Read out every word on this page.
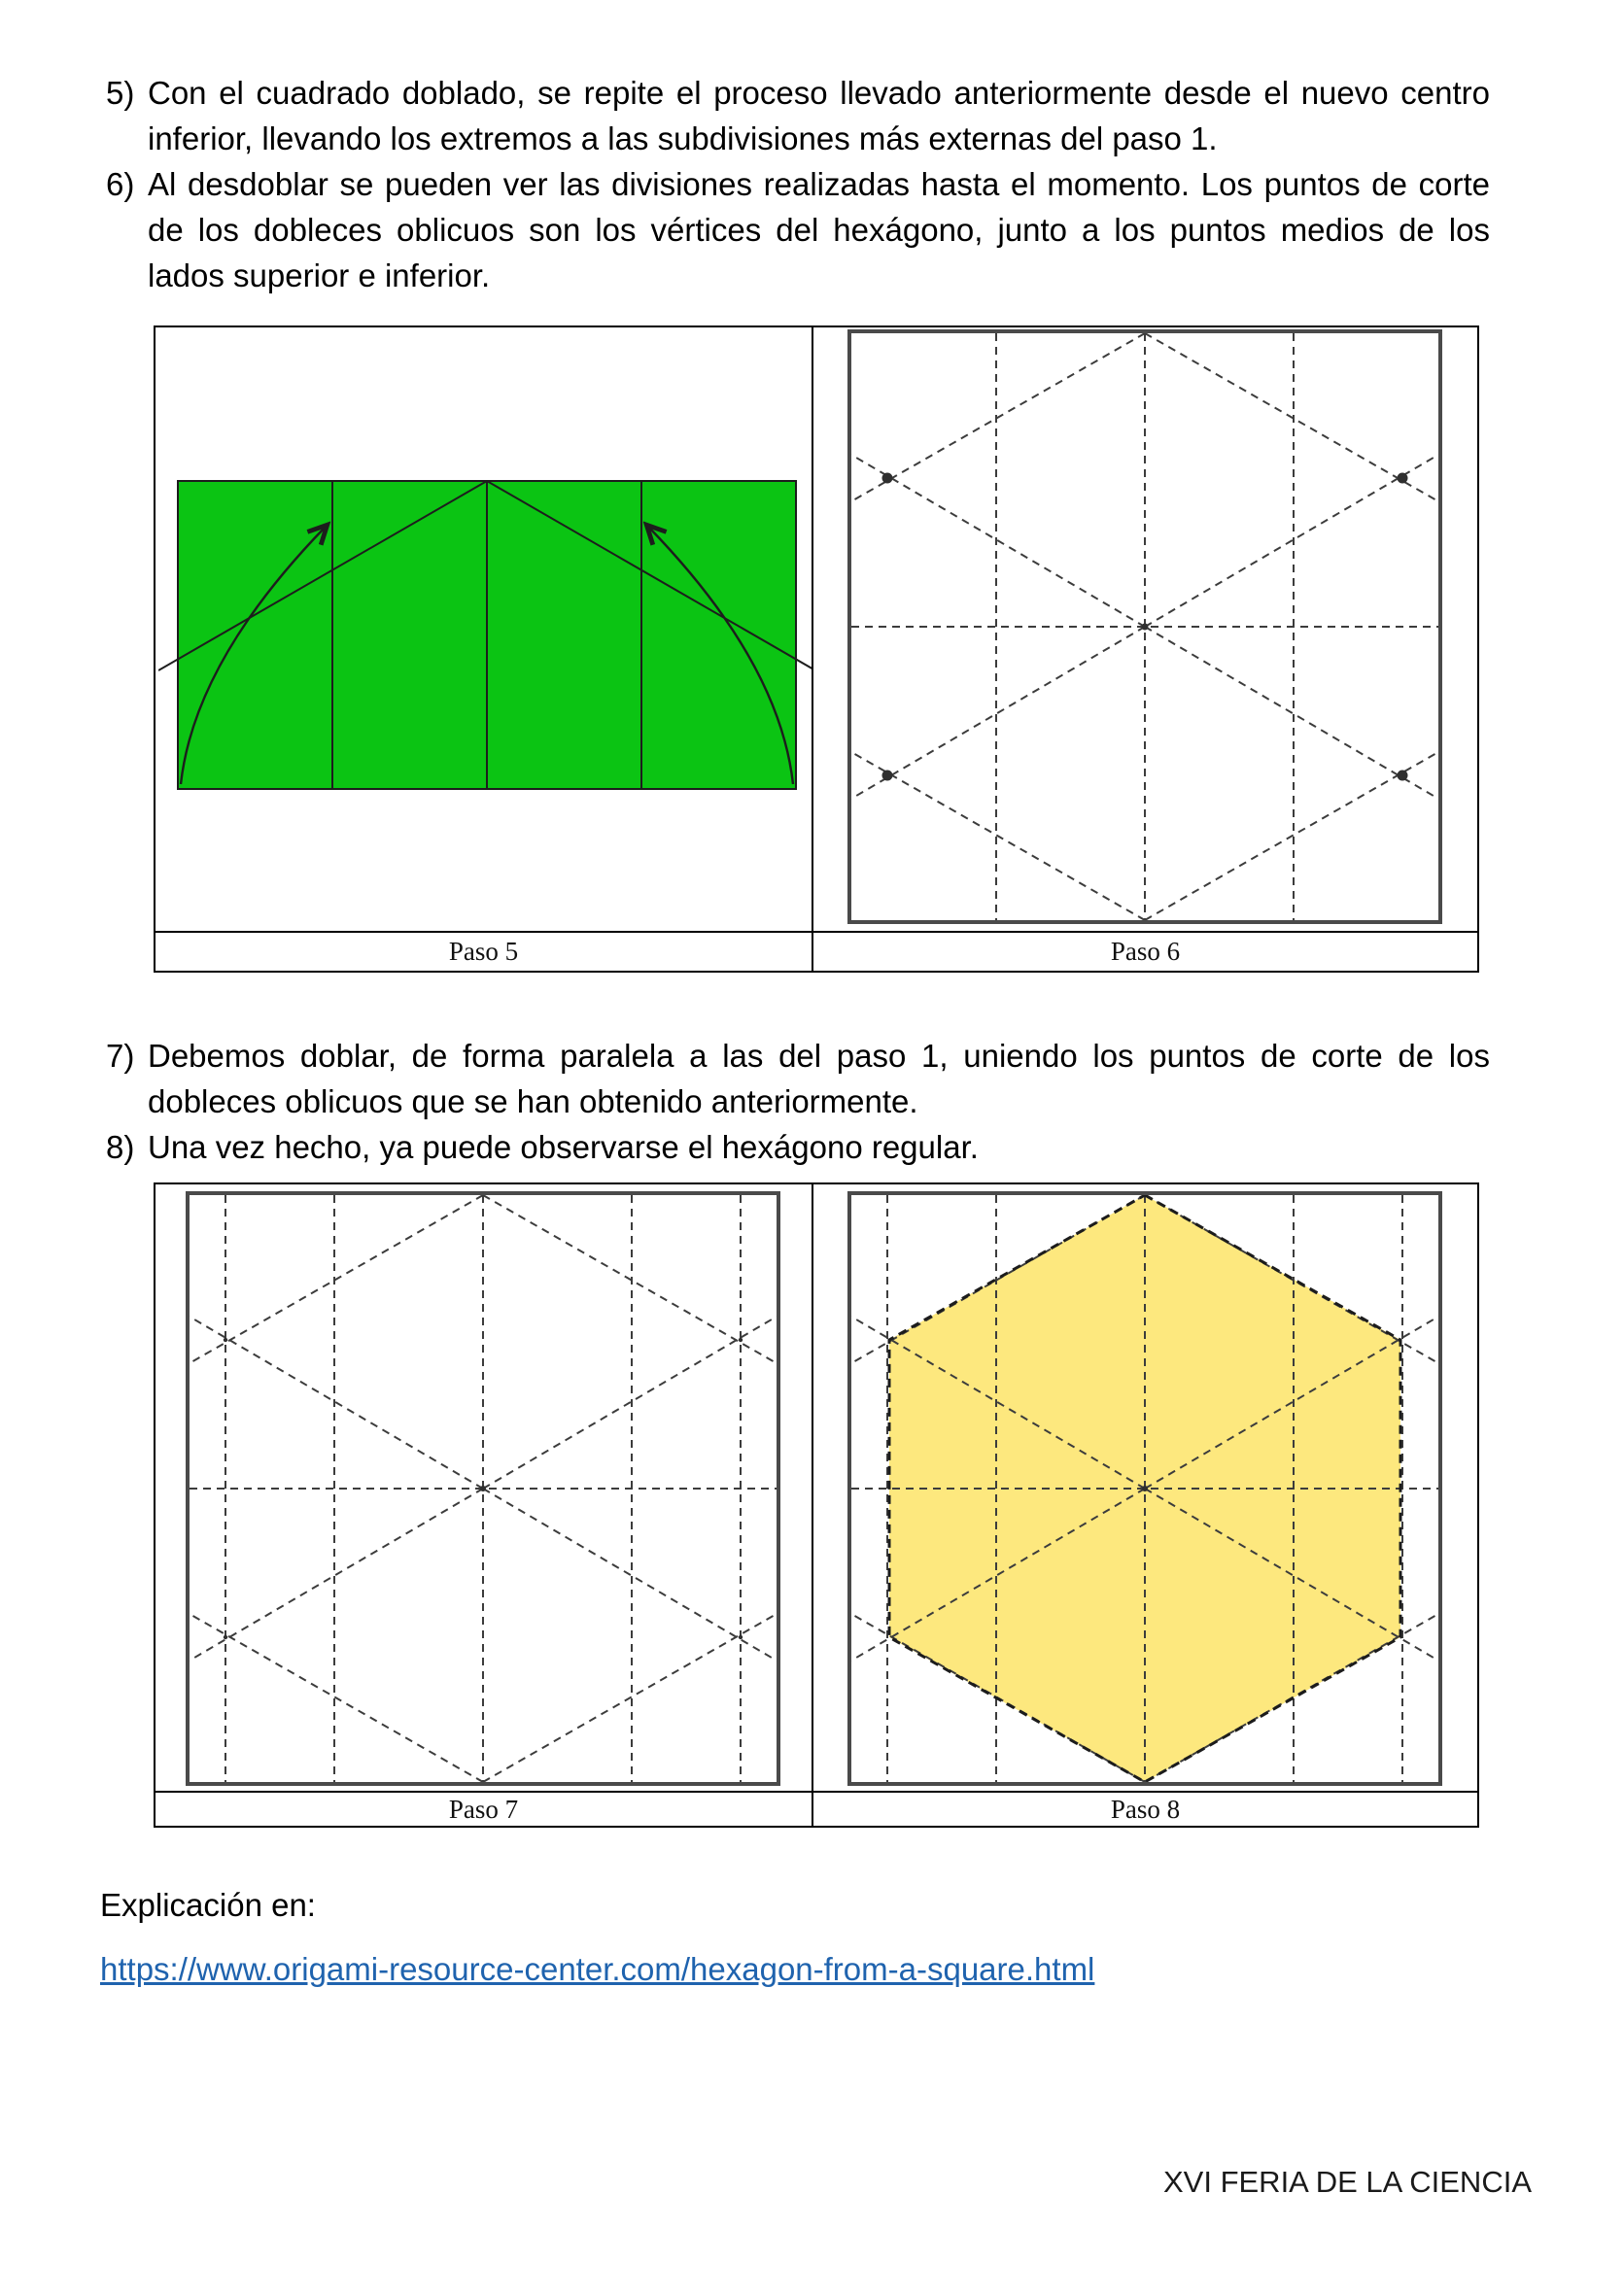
5) Con el cuadrado doblado, se repite el proceso llevado anteriormente desde el nuevo centro inferior, llevando los extremos a las subdivisiones más externas del paso 1.
6) Al desdoblar se pueden ver las divisiones realizadas hasta el momento. Los puntos de corte de los dobleces oblicuos son los vértices del hexágono, junto a los puntos medios de los lados superior e inferior.
Paso 5	Paso 6
7) Debemos doblar, de forma paralela a las del paso 1, uniendo los puntos de corte de los dobleces oblicuos que se han obtenido anteriormente.
8) Una vez hecho, ya puede observarse el hexágono regular.
Paso 7	Paso 8
Explicación en:
https://www.origami-resource-center.com/hexagon-from-a-square.html
XVI FERIA DE LA CIENCIA
